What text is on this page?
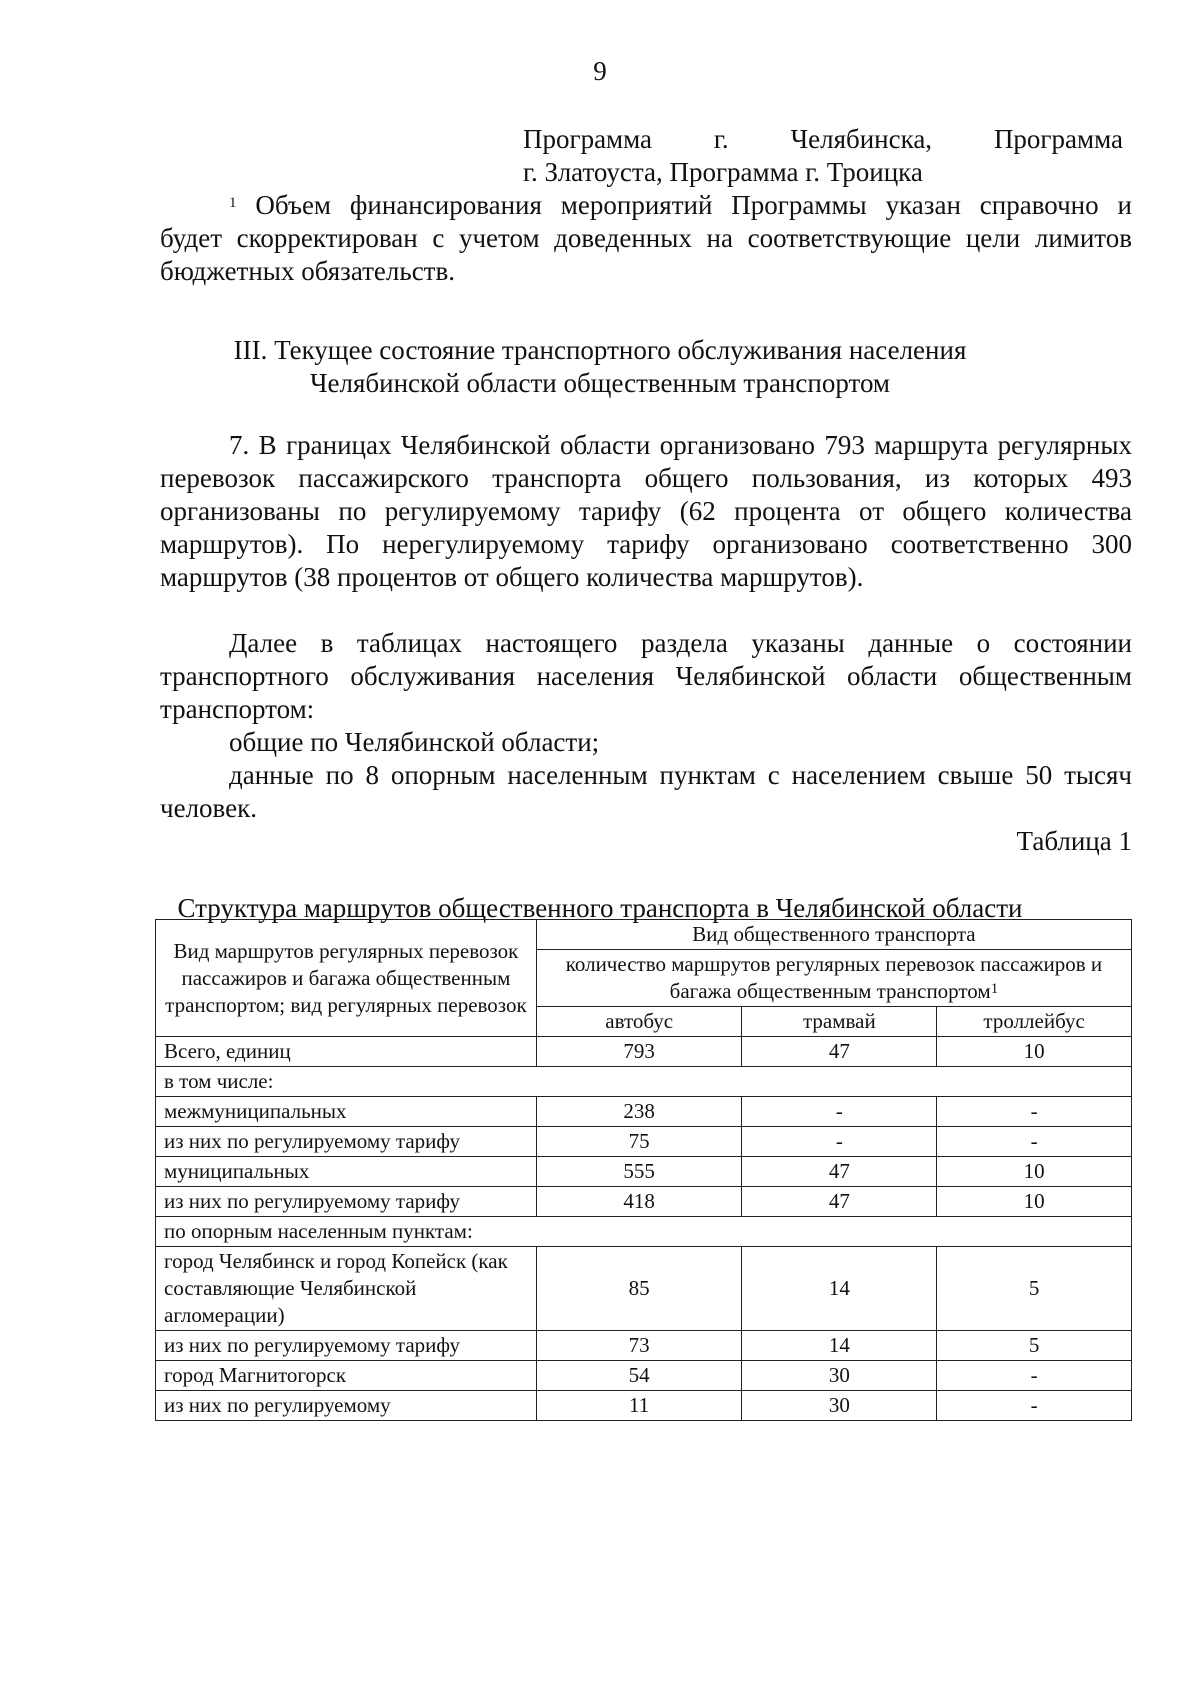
9
Программа г. Челябинска, Программа
г. Златоуста, Программа г. Троицка
$^1$ Объем финансирования мероприятий Программы указан справочно и
будет скорректирован с учетом доведенных на соответствующие цели лимитов
бюджетных обязательств.
III. Текущее состояние транспортного обслуживания населения
Челябинской области общественным транспортом
7. В границах Челябинской области организовано 793 маршрута регулярных перевозок пассажирского транспорта общего пользования, из которых 493 организованы по регулируемому тарифу (62 процента от общего количества маршрутов). По нерегулируемому тарифу организовано соответственно 300 маршрутов (38 процентов от общего количества маршрутов).
Далее в таблицах настоящего раздела указаны данные о состоянии транспортного обслуживания населения Челябинской области общественным транспортом:
общие по Челябинской области;
данные по 8 опорным населенным пунктам с населением свыше 50 тысяч человек.
Таблица 1
Структура маршрутов общественного транспорта в Челябинской области
Вид маршрутов регулярных перевозок пассажиров и багажа общественным транспортом; вид регулярных перевозок	Вид общественного транспорта		
	количество маршрутов регулярных перевозок пассажиров и багажа общественным транспортом$^1$
	автобус	трамвай	троллейбус
Всего, единиц	793	47	10
в том числе:			
межмуниципальных	238	-	-
из них по регулируемому тарифу	75	-	-
муниципальных	555	47	10
из них по регулируемому тарифу	418	47	10
по опорным населенным пунктам:			
город Челябинск и город Копейск (как составляющие Челябинской агломерации)	85	14	5
из них по регулируемому тарифу	73	14	5
город Магнитогорск	54	30	-
из них по регулируемому	11	30	-
